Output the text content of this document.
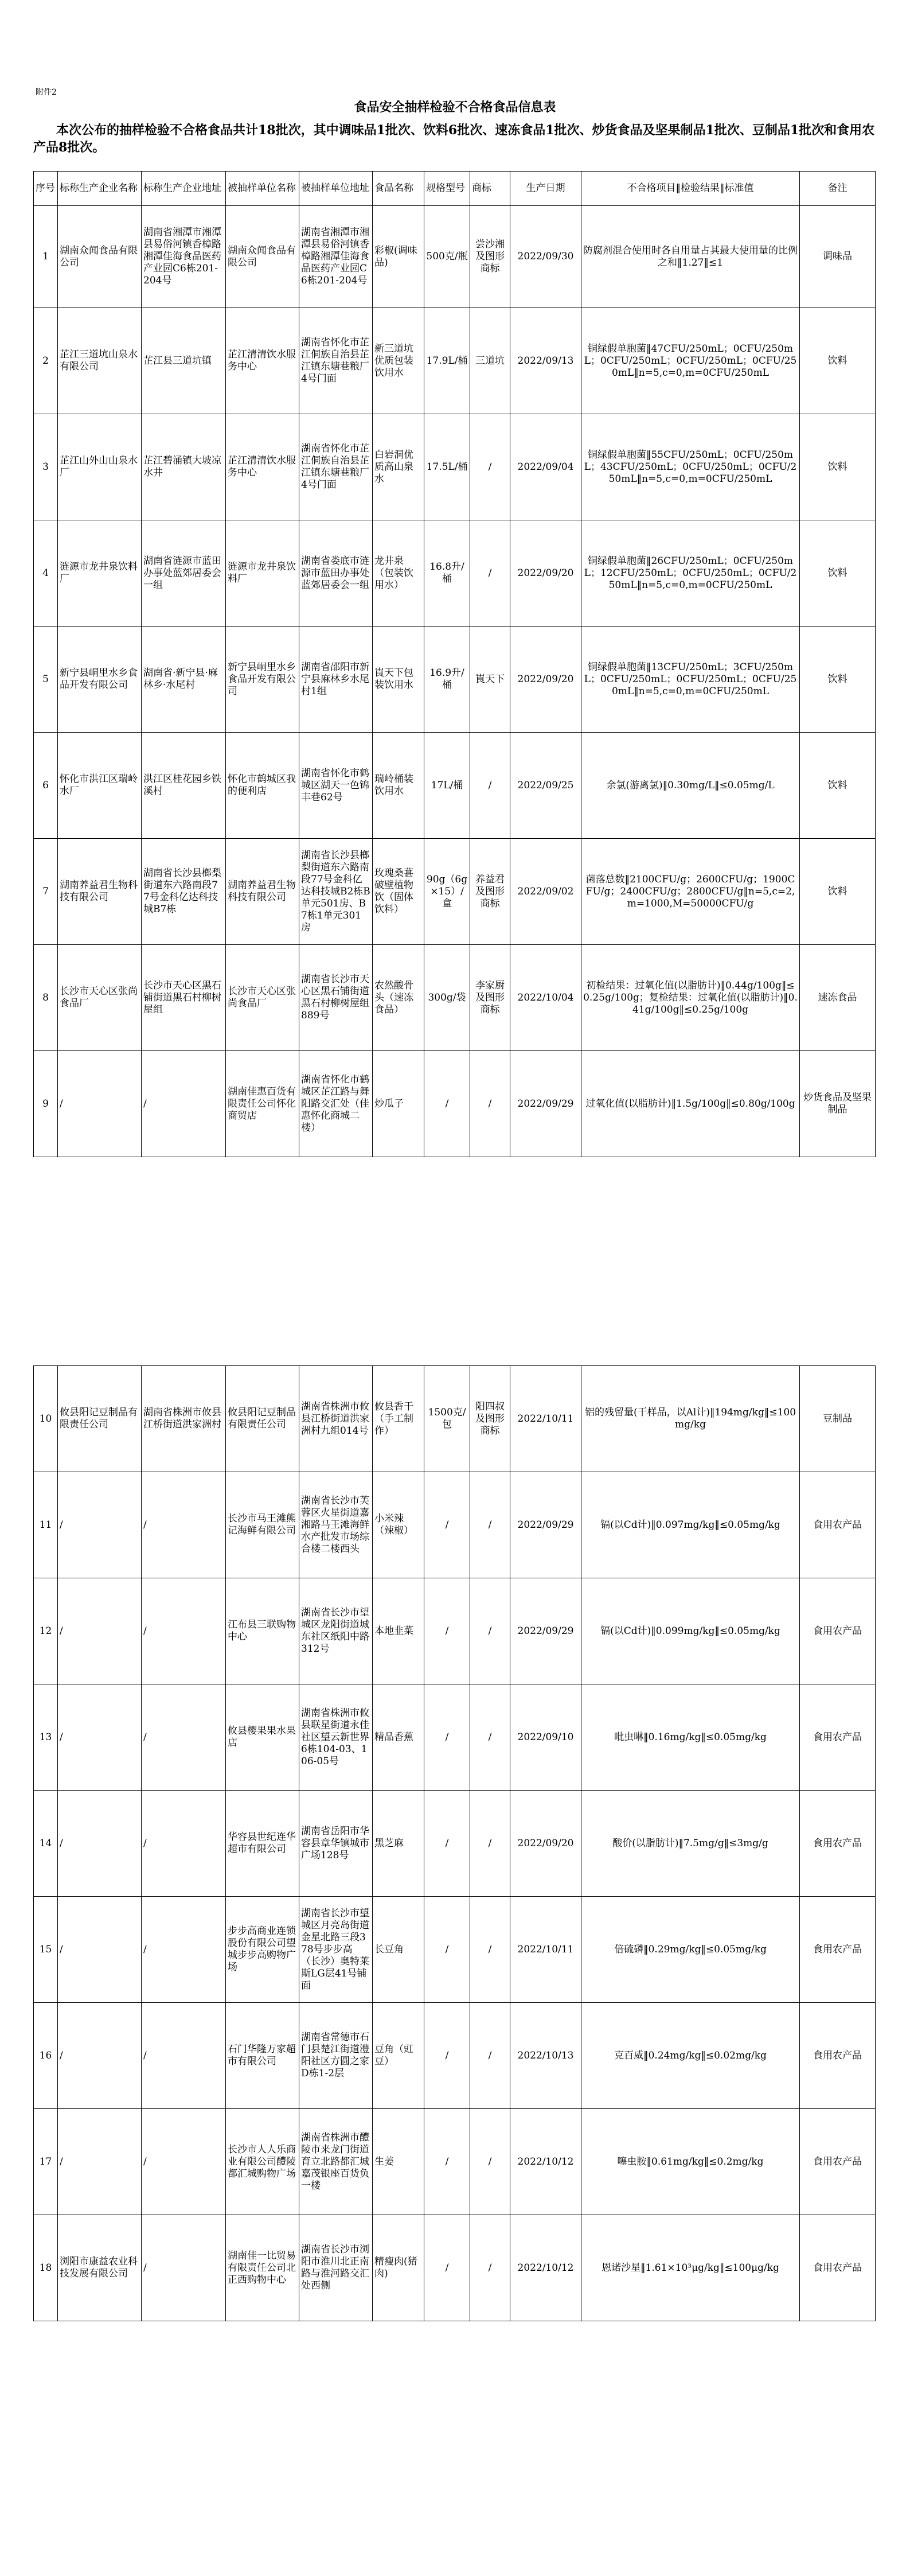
附件2
食品安全抽样检验不合格食品信息表
本次公布的抽样检验不合格食品共计18批次，其中调味品1批次、饮料6批次、速冻食品1批次、炒货食品及坚果制品1批次、豆制品1批次和食用农产品8批次。
序号	标称生产企业名称	标称生产企业地址	被抽样单位名称	被抽样单位地址	食品名称	规格型号	商标	生产日期	不合格项目‖检验结果‖标准值	备注
1	湖南众闻食品有限公司	湖南省湘潭市湘潭县易俗河镇香樟路湘潭佳海食品医药产业园C6栋201-204号	湖南众闻食品有限公司	湖南省湘潭市湘潭县易俗河镇香樟路湘潭佳海食品医药产业园C6栋201-204号	彩椒(调味品)	500克/瓶	尝沙湘及图形商标	2022/09/30	防腐剂混合使用时各自用量占其最大使用量的比例之和‖1.27‖≤1	调味品
2	芷江三道坑山泉水有限公司	芷江县三道坑镇	芷江清清饮水服务中心	湖南省怀化市芷江侗族自治县芷江镇东塘巷粮厂4号门面	新三道坑优质包装饮用水	17.9L/桶	三道坑	2022/09/13	铜绿假单胞菌‖47CFU/250mL；0CFU/250mL；0CFU/250mL；0CFU/250mL；0CFU/250mL‖n=5,c=0,m=0CFU/250mL	饮料
3	芷江山外山山泉水厂	芷江碧涌镇大坡凉水井	芷江清清饮水服务中心	湖南省怀化市芷江侗族自治县芷江镇东塘巷粮厂4号门面	白岩洞优质高山泉水	17.5L/桶	/	2022/09/04	铜绿假单胞菌‖55CFU/250mL；0CFU/250mL；43CFU/250mL；0CFU/250mL；0CFU/250mL‖n=5,c=0,m=0CFU/250mL	饮料
4	涟源市龙井泉饮料厂	湖南省涟源市蓝田办事处蓝郊居委会一组	涟源市龙井泉饮料厂	湖南省娄底市涟源市蓝田办事处蓝郊居委会一组	龙井泉（包装饮用水）	16.8升/桶	/	2022/09/20	铜绿假单胞菌‖26CFU/250mL；0CFU/250mL；12CFU/250mL；0CFU/250mL；0CFU/250mL‖n=5,c=0,m=0CFU/250mL	饮料
5	新宁县峒里水乡食品开发有限公司	湖南省·新宁县·麻林乡·水尾村	新宁县峒里水乡食品开发有限公司	湖南省邵阳市新宁县麻林乡水尾村1组	崀天下包装饮用水	16.9升/桶	崀天下	2022/09/20	铜绿假单胞菌‖13CFU/250mL；3CFU/250mL；0CFU/250mL；0CFU/250mL；0CFU/250mL‖n=5,c=0,m=0CFU/250mL	饮料
6	怀化市洪江区瑞岭水厂	洪江区桂花园乡铁溪村	怀化市鹤城区我的便利店	湖南省怀化市鹤城区湖天一色锦丰巷62号	瑞岭桶装饮用水	17L/桶	/	2022/09/25	余氯(游离氯)‖0.30mg/L‖≤0.05mg/L	饮料
7	湖南养益君生物科技有限公司	湖南省长沙县榔梨街道东六路南段77号金科亿达科技城B7栋	湖南养益君生物科技有限公司	湖南省长沙县榔梨街道东六路南段77号金科亿达科技城B2栋B单元501房、B7栋1单元301房	玫瑰桑葚破壁植物饮（固体饮料）	90g（6g×15）/盒	养益君及图形商标	2022/09/02	菌落总数‖2100CFU/g；2600CFU/g；1900CFU/g；2400CFU/g；2800CFU/g‖n=5,c=2,m=1000,M=50000CFU/g	饮料
8	长沙市天心区张尚食品厂	长沙市天心区黑石铺街道黑石村柳树屋组	长沙市天心区张尚食品厂	湖南省长沙市天心区黑石铺街道黑石村柳树屋组889号	农然酸骨头（速冻食品）	300g/袋	李家厨及图形商标	2022/10/04	初检结果：过氧化值(以脂肪计)‖0.44g/100g‖≤0.25g/100g；复检结果：过氧化值(以脂肪计)‖0.41g/100g‖≤0.25g/100g	速冻食品
9	/	/	湖南佳惠百货有限责任公司怀化商贸店	湖南省怀化市鹤城区芷江路与舞阳路交汇处（佳惠怀化商城二楼）	炒瓜子	/	/	2022/09/29	过氧化值(以脂肪计)‖1.5g/100g‖≤0.80g/100g	炒货食品及坚果制品
10	攸县阳记豆制品有限责任公司	湖南省株洲市攸县江桥街道洪家洲村	攸县阳记豆制品有限责任公司	湖南省株洲市攸县江桥街道洪家洲村九组014号	攸县香干（手工制作）	1500克/包	阳四叔及图形商标	2022/10/11	铝的残留量(干样品，以Al计)‖194mg/kg‖≤100mg/kg	豆制品
11	/	/	长沙市马王滩熊记海鲜有限公司	湖南省长沙市芙蓉区火星街道嘉湘路马王滩海鲜水产批发市场综合楼二楼西头	小米辣（辣椒）	/	/	2022/09/29	镉(以Cd计)‖0.097mg/kg‖≤0.05mg/kg	食用农产品
12	/	/	江布县三联购物中心	湖南省长沙市望城区龙阳街道城东社区纸阳中路312号	本地韭菜	/	/	2022/09/29	镉(以Cd计)‖0.099mg/kg‖≤0.05mg/kg	食用农产品
13	/	/	攸县樱果果水果店	湖南省株洲市攸县联星街道永佳社区望云新世界6栋104-03、106-05号	精品香蕉	/	/	2022/09/10	吡虫啉‖0.16mg/kg‖≤0.05mg/kg	食用农产品
14	/	/	华容县世纪连华超市有限公司	湖南省岳阳市华容县章华镇城市广场128号	黑芝麻	/	/	2022/09/20	酸价(以脂肪计)‖7.5mg/g‖≤3mg/g	食用农产品
15	/	/	步步高商业连锁股份有限公司望城步步高购物广场	湖南省长沙市望城区月亮岛街道金星北路三段378号步步高（长沙）奥特莱斯LG层41号铺面	长豆角	/	/	2022/10/11	倍硫磷‖0.29mg/kg‖≤0.05mg/kg	食用农产品
16	/	/	石门华隆万家超市有限公司	湖南省常德市石门县楚江街道澧阳社区方圆之家D栋1-2层	豆角（豇豆）	/	/	2022/10/13	克百威‖0.24mg/kg‖≤0.02mg/kg	食用农产品
17	/	/	长沙市人人乐商业有限公司醴陵都汇城购物广场	湖南省株洲市醴陵市来龙门街道育立北路都汇城嘉茂银座百货负一楼	生姜	/	/	2022/10/12	噻虫胺‖0.61mg/kg‖≤0.2mg/kg	食用农产品
18	浏阳市康益农业科技发展有限公司	/	湖南佳一比贸易有限责任公司北正西购物中心	湖南省长沙市浏阳市淮川北正南路与淮河路交汇处西侧	精瘦肉(猪肉)	/	/	2022/10/12	恩诺沙星‖1.61×10³μg/kg‖≤100μg/kg	食用农产品
